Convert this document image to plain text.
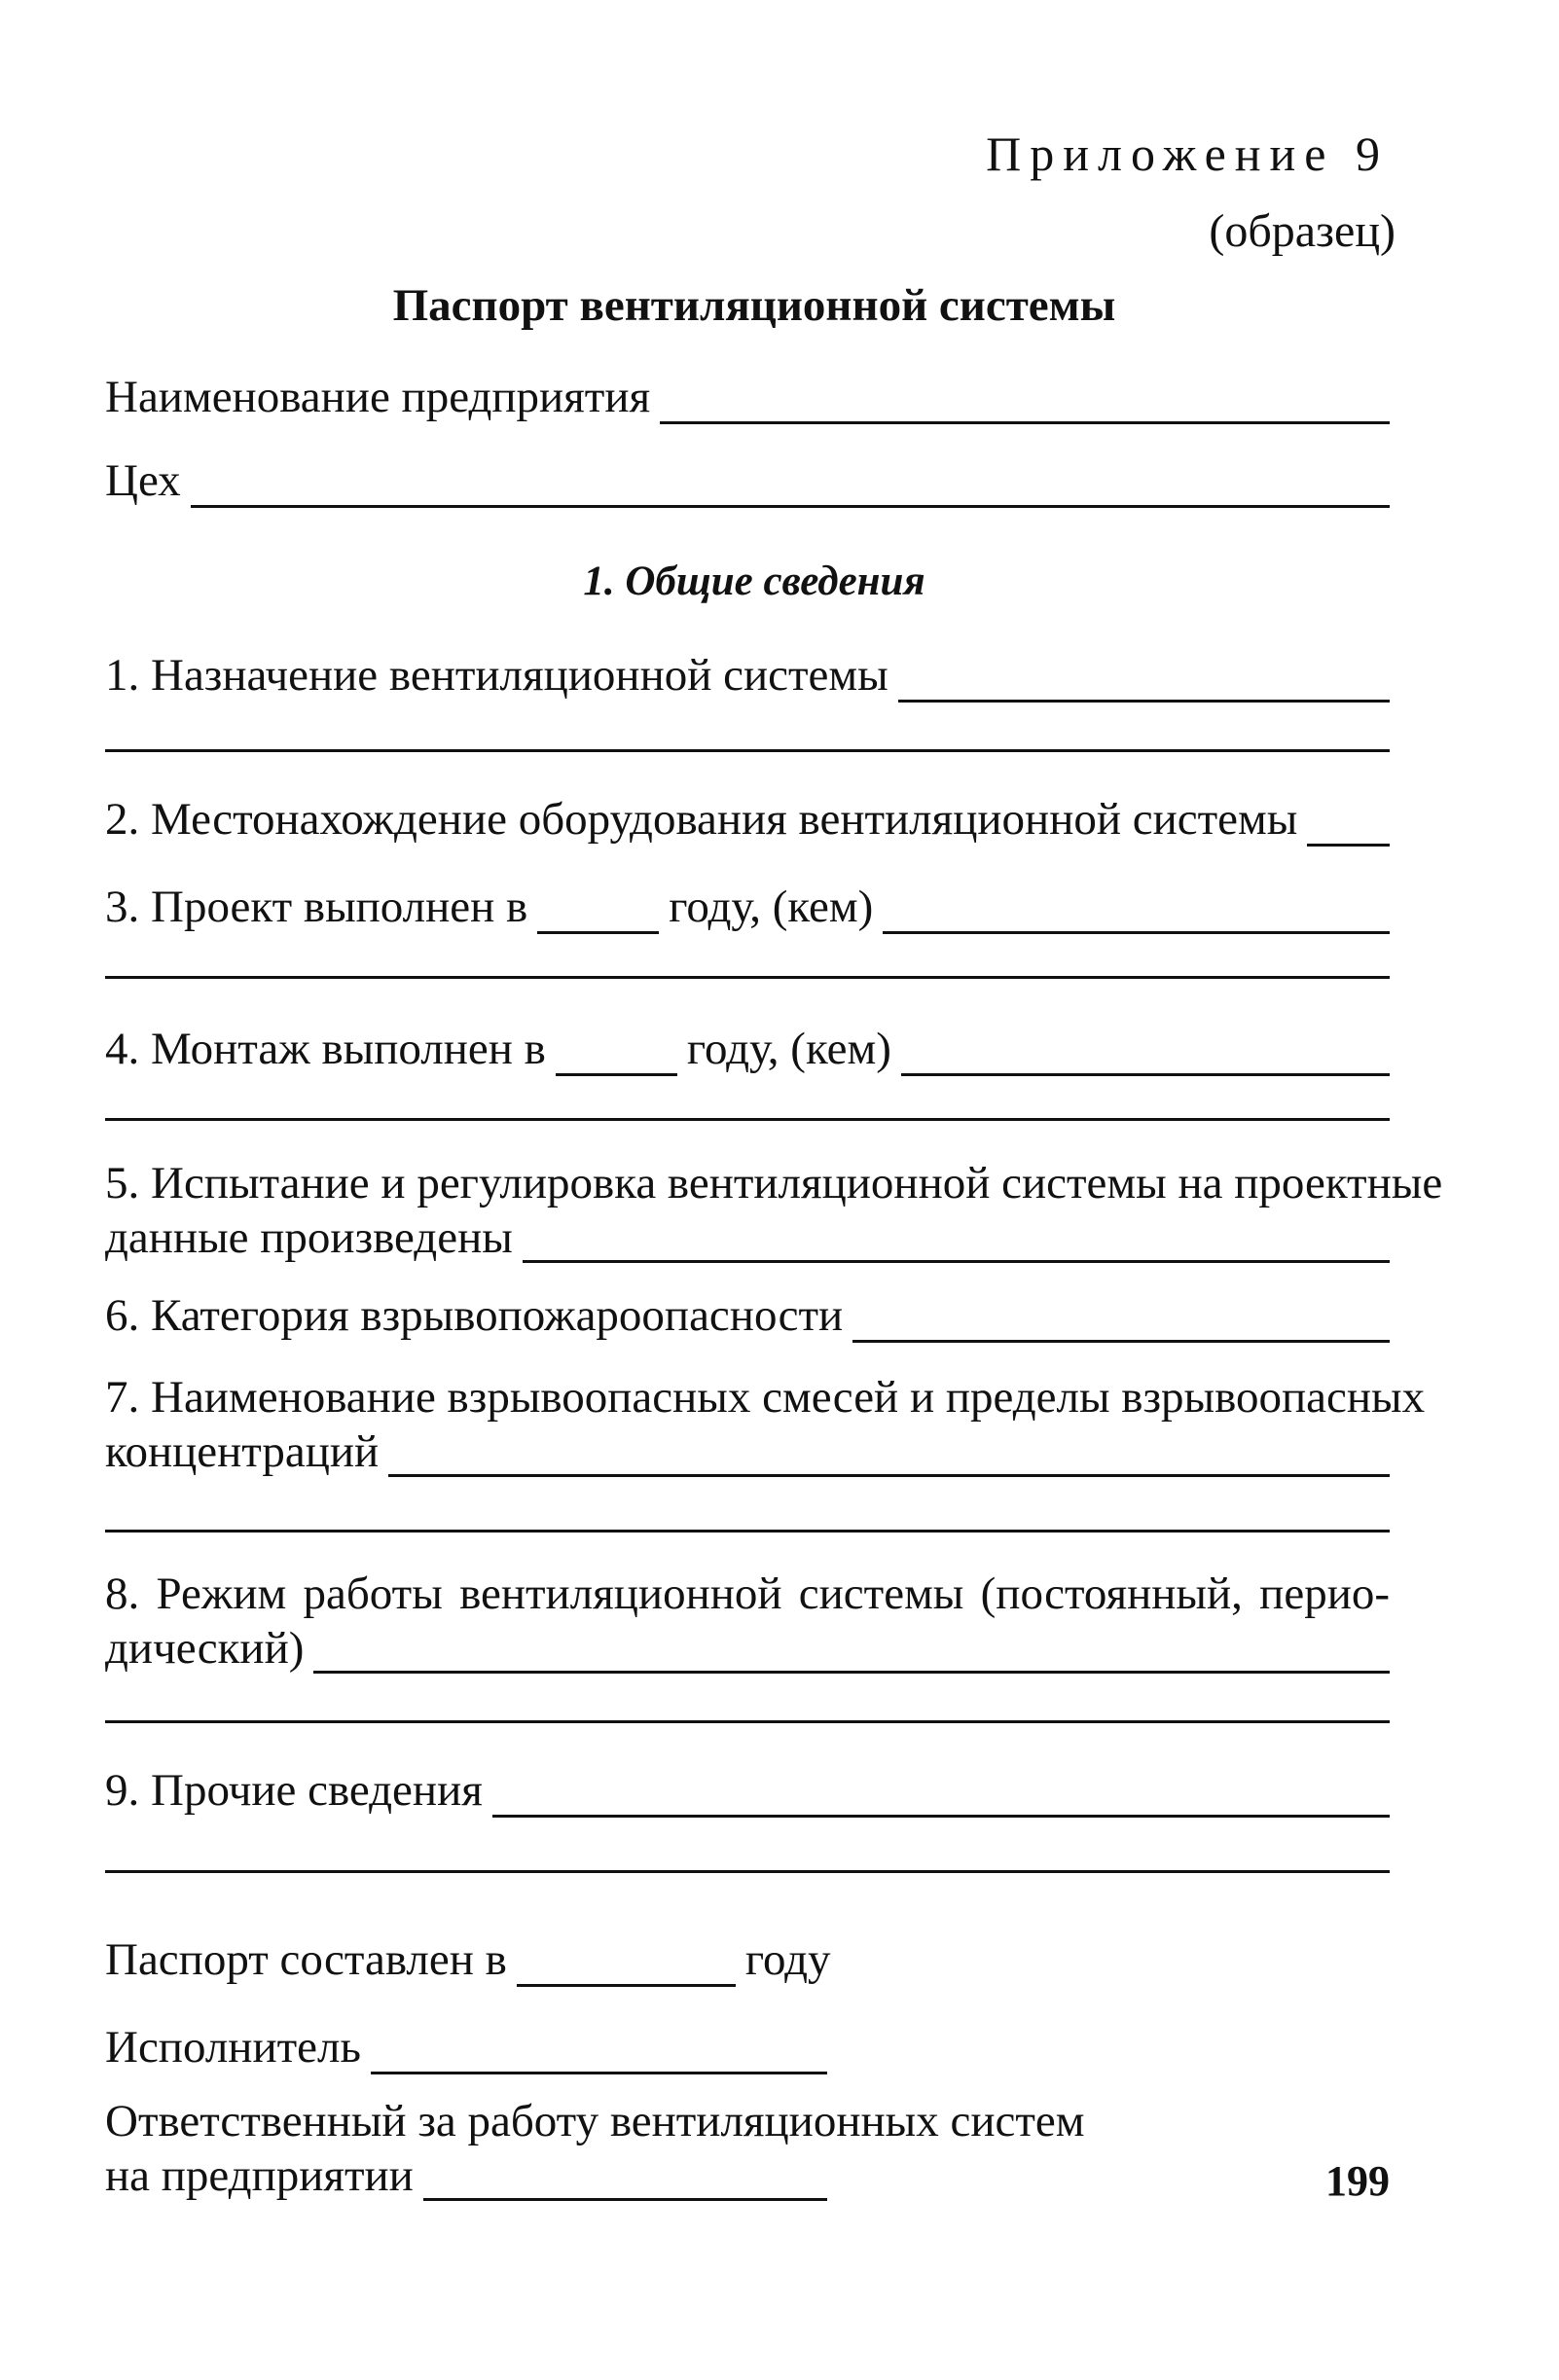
Приложение 9
(образец)
Паспорт вентиляционной системы
Наименование предприятия
Цех
1. Общие сведения
1. Назначение вентиляционной системы
2. Местонахождение оборудования вентиляционной системы
3. Проект выполнен в	году, (кем)
4. Монтаж выполнен в	году, (кем)
5. Испытание и регулировка вентиляционной системы на проектные
данные произведены
6. Категория взрывопожароопасности
7. Наименование взрывоопасных смесей и пределы взрывоопасных
концентраций
8. Режим работы вентиляционной системы (постоянный, перио-
дический)
9. Прочие сведения
Паспорт составлен в	году
Исполнитель
Ответственный за работу вентиляционных систем
на предприятии	199
